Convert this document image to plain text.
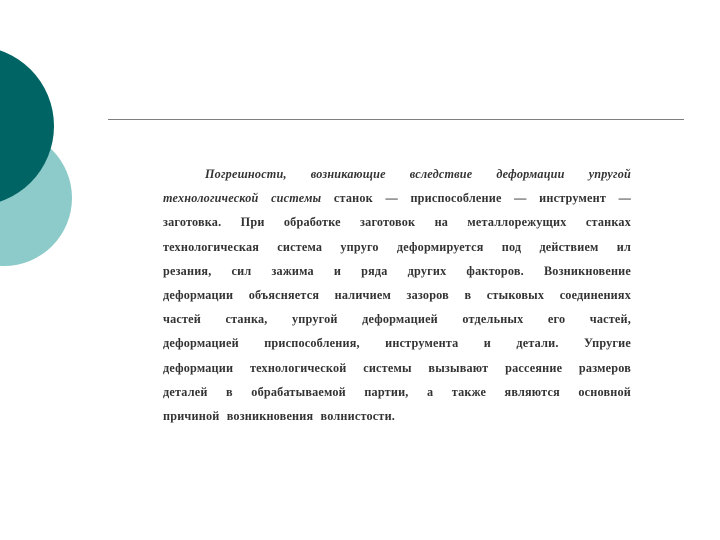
Погрешности, возникающие вследствие деформации упругой
технологической системы станок — приспособление — инструмент —
заготовка. При обработке заготовок на металлорежущих станках
технологическая система упруго деформируется под действием ил
резания, сил зажима и ряда других факторов. Возникновение
деформации объясняется наличием зазоров в стыковых соединениях
частей станка, упругой деформацией отдельных его частей,
деформацией приспособления, инструмента и детали. Упругие
деформации технологической системы вызывают рассеяние размеров
деталей в обрабатываемой партии, а также являются основной
причиной возникновения волнистости.
